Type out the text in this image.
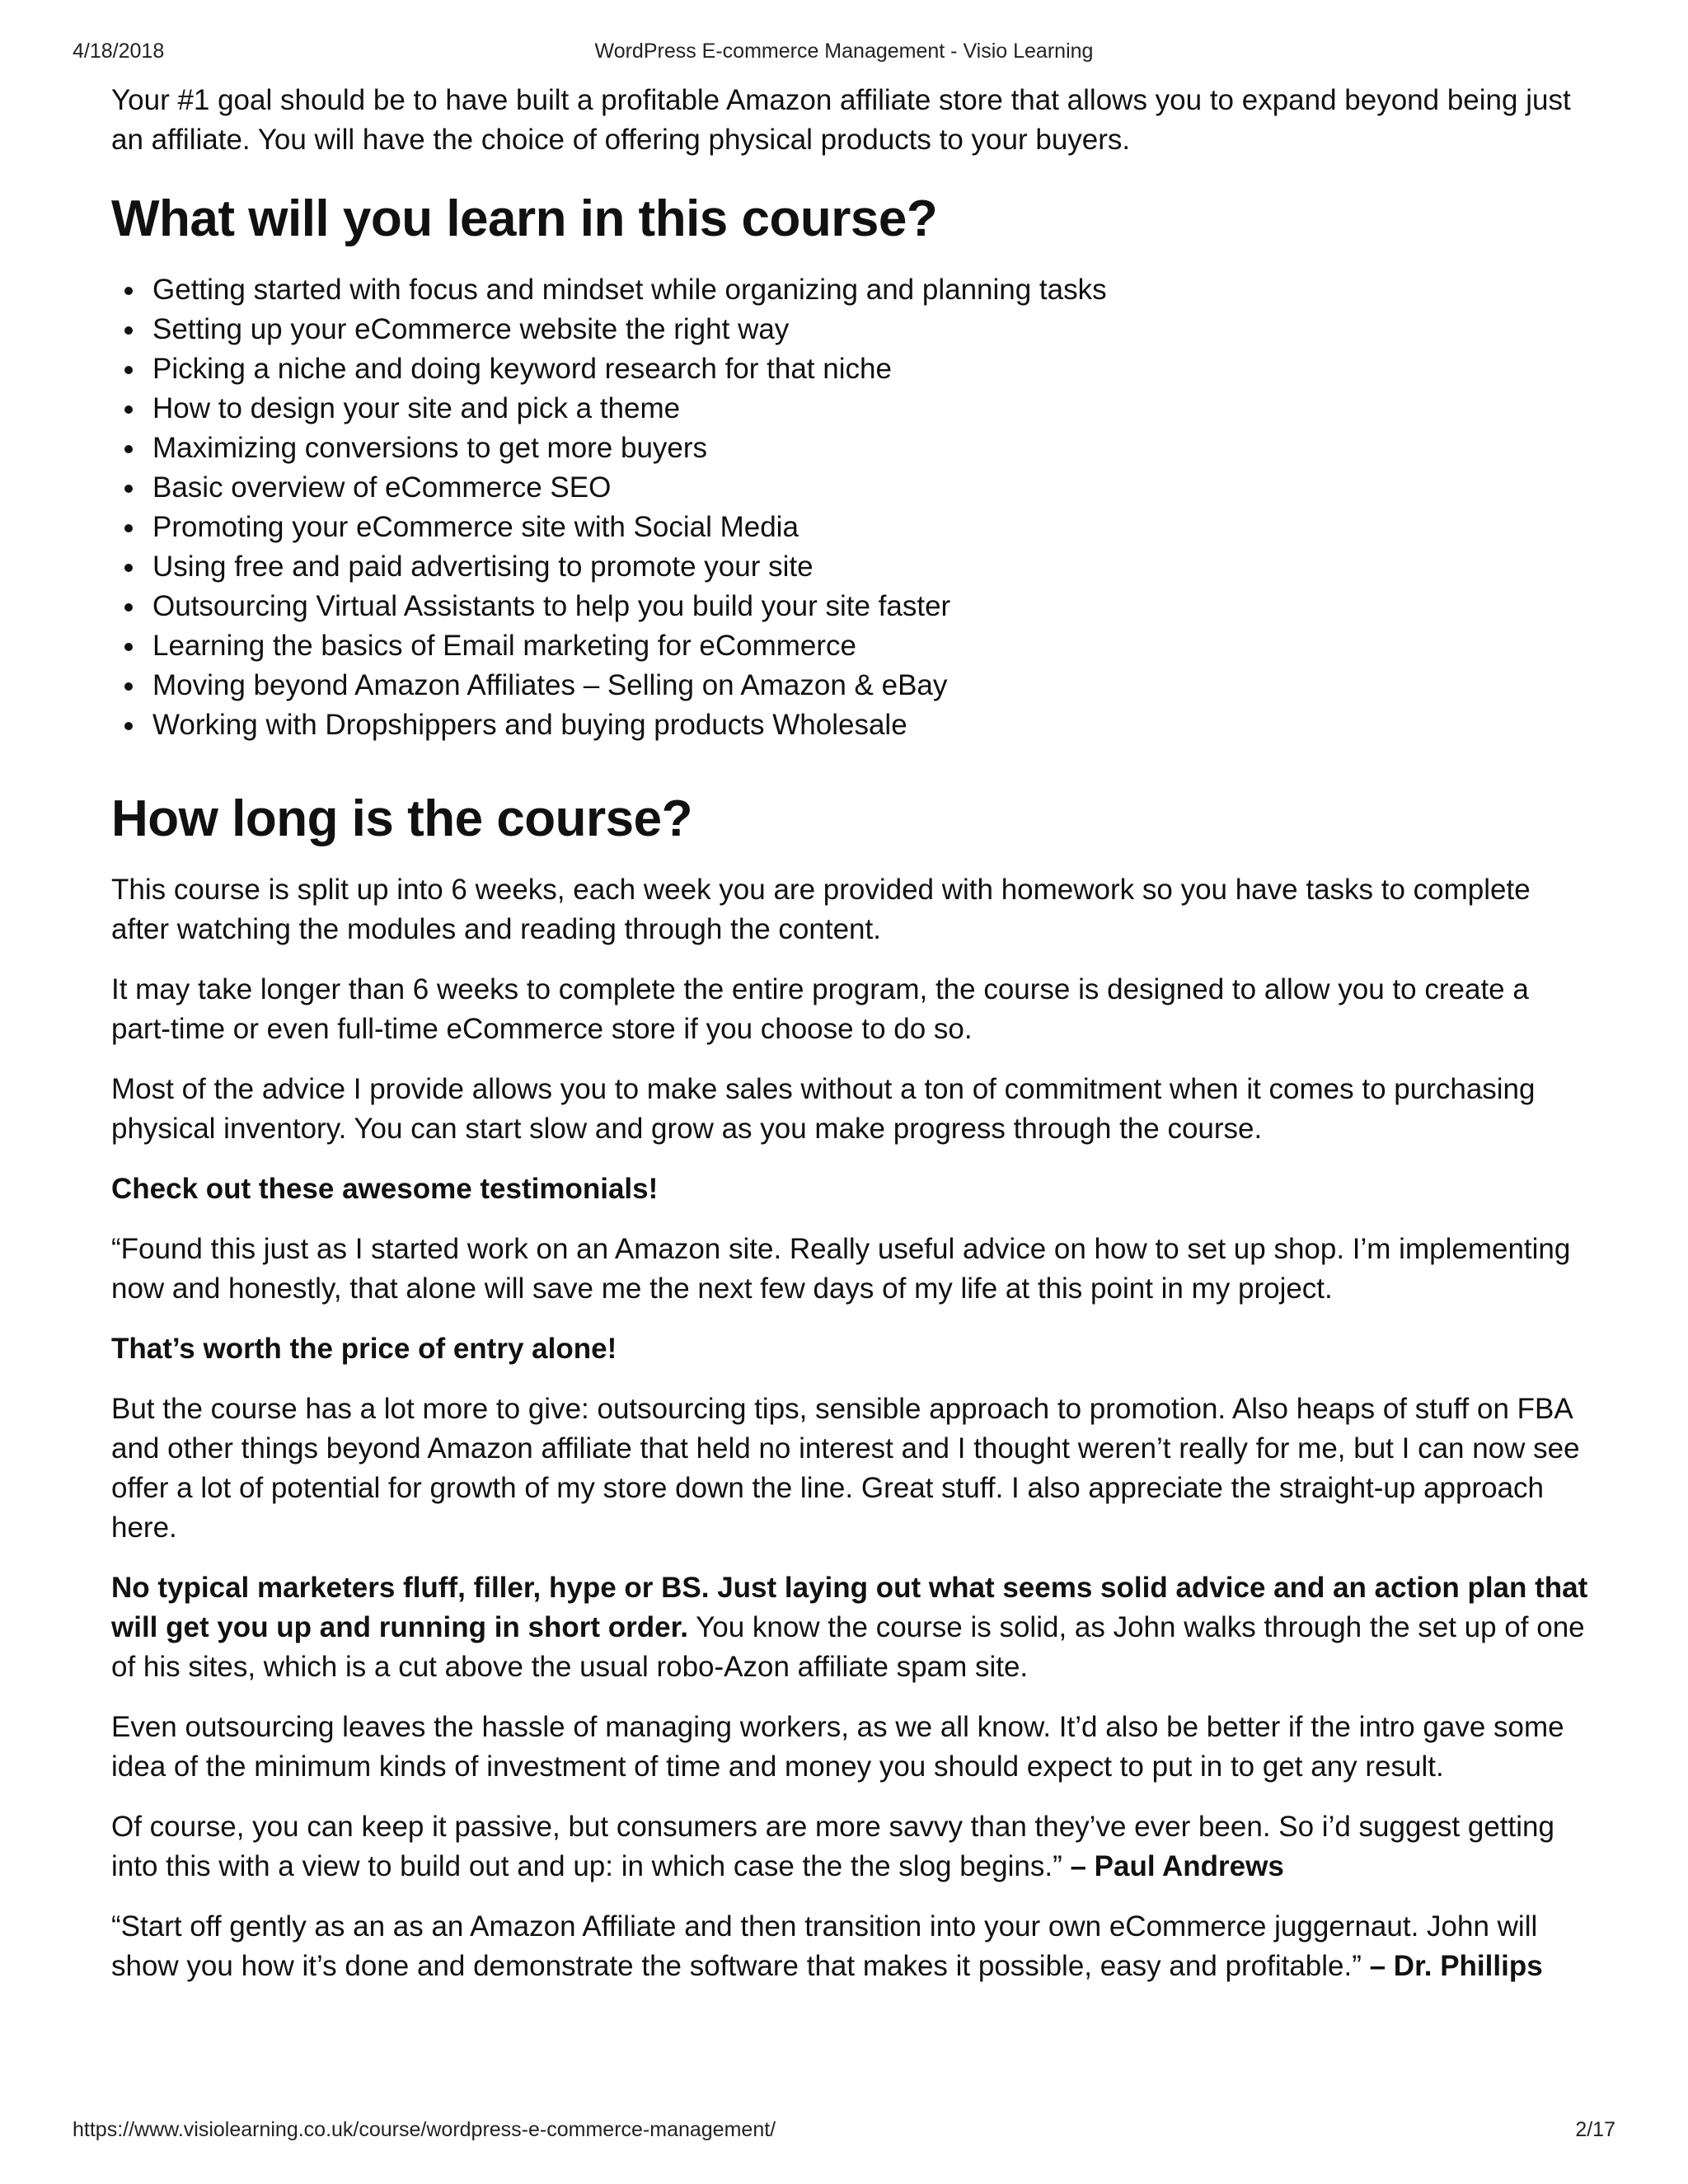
4/18/2018	WordPress E-commerce Management - Visio Learning

Your #1 goal should be to have built a profitable Amazon affiliate store that allows you to expand beyond being just an affiliate. You will have the choice of offering physical products to your buyers.

What will you learn in this course?
Getting started with focus and mindset while organizing and planning tasks
Setting up your eCommerce website the right way
Picking a niche and doing keyword research for that niche
How to design your site and pick a theme
Maximizing conversions to get more buyers
Basic overview of eCommerce SEO
Promoting your eCommerce site with Social Media
Using free and paid advertising to promote your site
Outsourcing Virtual Assistants to help you build your site faster
Learning the basics of Email marketing for eCommerce
Moving beyond Amazon Affiliates – Selling on Amazon & eBay
Working with Dropshippers and buying products Wholesale
How long is the course?

This course is split up into 6 weeks, each week you are provided with homework so you have tasks to complete after watching the modules and reading through the content.

It may take longer than 6 weeks to complete the entire program, the course is designed to allow you to create a part-time or even full-time eCommerce store if you choose to do so.

Most of the advice I provide allows you to make sales without a ton of commitment when it comes to purchasing physical inventory. You can start slow and grow as you make progress through the course.

Check out these awesome testimonials!

“Found this just as I started work on an Amazon site. Really useful advice on how to set up shop. I’m implementing now and honestly, that alone will save me the next few days of my life at this point in my project.

That’s worth the price of entry alone!

But the course has a lot more to give: outsourcing tips, sensible approach to promotion. Also heaps of stuff on FBA and other things beyond Amazon affiliate that held no interest and I thought weren’t really for me, but I can now see offer a lot of potential for growth of my store down the line. Great stuff. I also appreciate the straight-up approach here.

No typical marketers fluff, filler, hype or BS. Just laying out what seems solid advice and an action plan that will get you up and running in short order. You know the course is solid, as John walks through the set up of one of his sites, which is a cut above the usual robo-Azon affiliate spam site.

Even outsourcing leaves the hassle of managing workers, as we all know. It’d also be better if the intro gave some idea of the minimum kinds of investment of time and money you should expect to put in to get any result.

Of course, you can keep it passive, but consumers are more savvy than they’ve ever been. So i’d suggest getting into this with a view to build out and up: in which case the the slog begins.” – Paul Andrews

“Start off gently as an as an Amazon Affiliate and then transition into your own eCommerce juggernaut. John will show you how it’s done and demonstrate the software that makes it possible, easy and profitable.” – Dr. Phillips

https://www.visiolearning.co.uk/course/wordpress-e-commerce-management/	2/17
